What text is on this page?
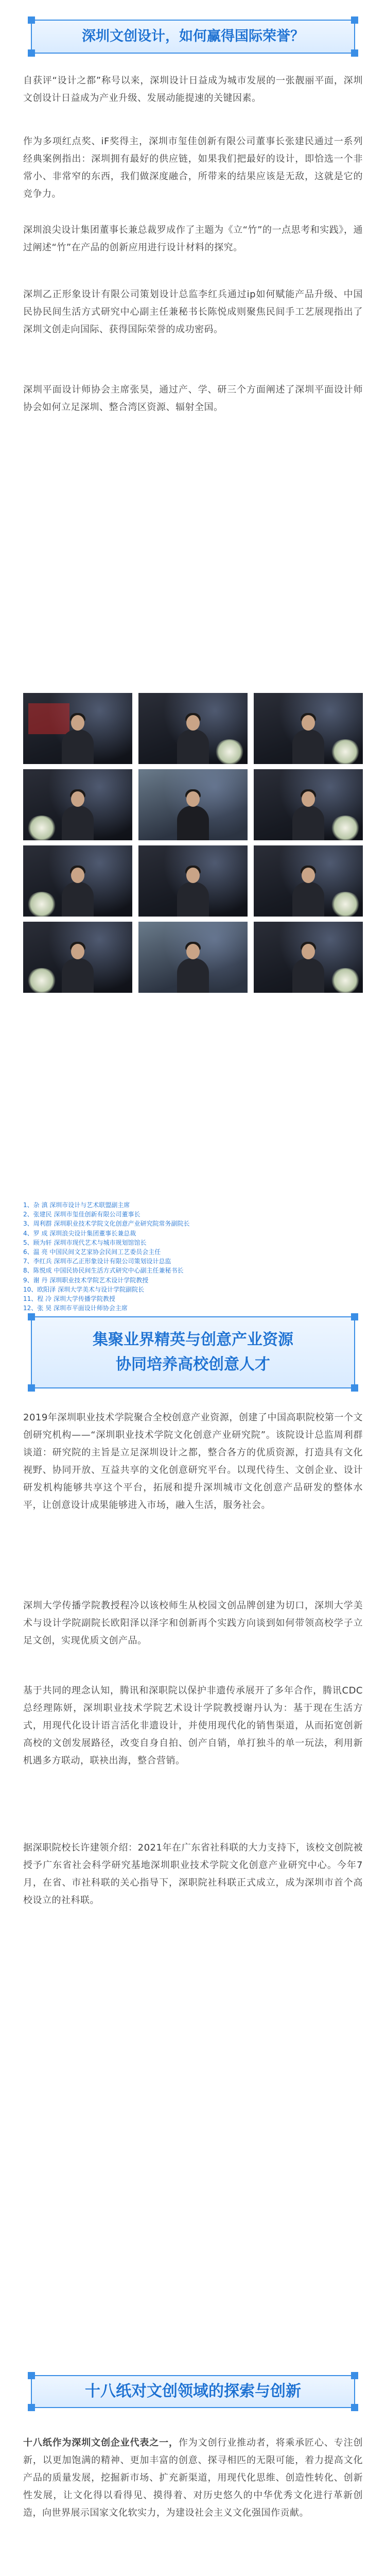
深圳文创设计，如何赢得国际荣誉？

自获评“设计之都”称号以来，深圳设计日益成为城市发展的一张靓丽平面，深圳文创设计日益成为产业升级、发展动能提速的关键因素。

作为多项红点奖、iF奖得主，深圳市玺佳创新有限公司董事长张建民通过一系列经典案例指出：深圳拥有最好的供应链，如果我们把最好的设计，即恰选一个非常小、非常窄的东西，我们做深度融合，所带来的结果应该是无敌，这就是它的竞争力。

深圳浪尖设计集团董事长兼总裁罗成作了主题为《立“竹”的一点思考和实践》，通过阐述“竹”在产品的创新应用进行设计材料的探究。

深圳乙正形象设计有限公司策划设计总监李红兵通过ip如何赋能产品升级、中国民协民间生活方式研究中心副主任兼秘书长陈悦成则聚焦民间手工艺展现指出了深圳文创走向国际、获得国际荣誉的成功密码。

深圳平面设计师协会主席张昊，通过产、学、研三个方面阐述了深圳平面设计师协会如何立足深圳、整合湾区资源、辐射全国。

1、杂 滇 深圳市设计与艺术联盟副主席
2、张建民 深圳市玺佳创新有限公司董事长
3、周利群 深圳职业技术学院文化创意产业研究院常务副院长
4、罗 成 深圳浪尖设计集团董事长兼总裁
5、顾为轩 深圳市现代艺术与城市规划馆馆长
6、温 亮 中国民间文艺家协会民间工艺委员会主任
7、李红兵 深圳市乙正形象设计有限公司策划设计总监
8、陈悦成 中国民协民间生活方式研究中心副主任兼秘书长
9、谢 丹 深圳职业技术学院艺术设计学院教授
10、欧阳泽 深圳大学美术与设计学院副院长
11、程 冷 深圳大学传播学院教授
12、张 昊 深圳市平面设计师协会主席
集聚业界精英与创意产业资源
协同培养高校创意人才

2019年深圳职业技术学院聚合全校创意产业资源，创建了中国高职院校第一个文创研究机构——“深圳职业技术学院文化创意产业研究院”。该院设计总监周利群谈道：研究院的主旨是立足深圳设计之都，整合各方的优质资源，打造具有文化视野、协同开放、互益共享的文化创意研究平台。以现代待生、文创企业、设计研发机构能够共享这个平台，拓展和提升深圳城市文化创意产品研发的整体水平，让创意设计成果能够进入市场，融入生活，服务社会。

深圳大学传播学院教授程冷以该校师生从校园文创品牌创建为切口，深圳大学美术与设计学院副院长欧阳泽以泽字和创新再个实践方向谈到如何带领高校学子立足文创，实现优质文创产品。

基于共同的理念认知，腾讯和深职院以保护非遗传承展开了多年合作，腾讯CDC总经理陈妍，深圳职业技术学院艺术设计学院教授谢丹认为：基于现在生活方式，用现代化设计语言活化非遗设计，并使用现代化的销售渠道，从而拓宽创新高校的文创发展路径，改变自身自拍、创产自销，单打独斗的单一玩法，利用新机遇多方联动，联袂出海，整合营销。

据深职院校长许建领介绍：2021年在广东省社科联的大力支持下，该校文创院被授予广东省社会科学研究基地深圳职业技术学院文化创意产业研究中心。今年7月，在省、市社科联的关心指导下，深职院社科联正式成立，成为深圳市首个高校设立的社科联。

十八纸对文创领域的探索与创新

十八纸作为深圳文创企业代表之一，作为文创行业推动者，将乘承匠心、专注创新，以更加饱满的精神、更加丰富的创意、探寻相匹的无限可能，着力提高文化产品的质量发展，挖掘新市场、扩充新渠道，用现代化思维、创造性转化、创新性发展，让文化得以看得见、摸得着、对历史悠久的中华优秀文化进行革新创造，向世界展示国家文化软实力，为建设社会主义文化强国作贡献。
